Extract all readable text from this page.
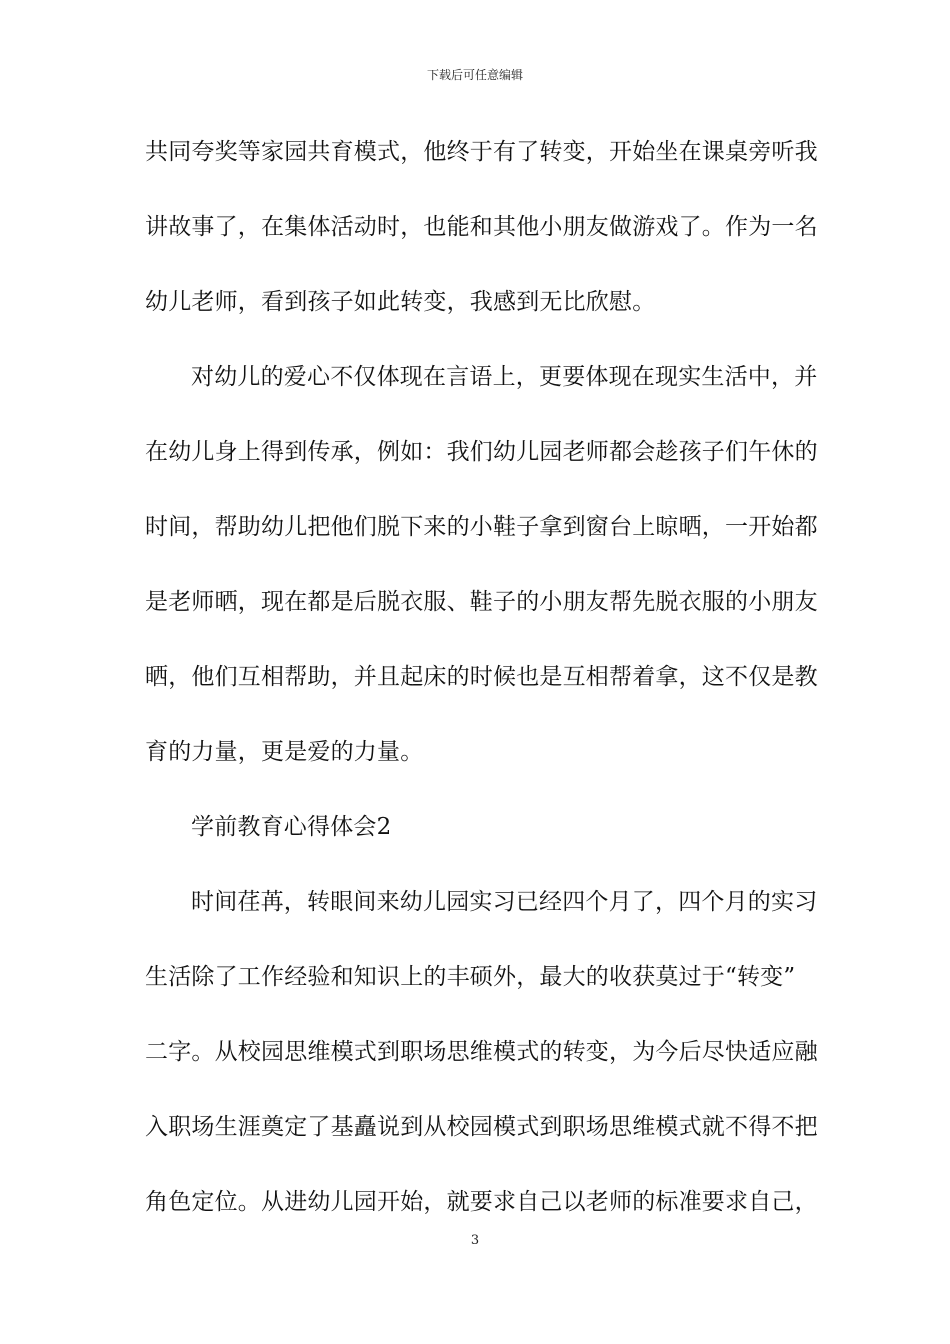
下载后可任意编辑
共同夸奖等家园共育模式，他终于有了转变，开始坐在课桌旁听我
讲故事了，在集体活动时，也能和其他小朋友做游戏了。作为一名
幼儿老师，看到孩子如此转变，我感到无比欣慰。
对幼儿的爱心不仅体现在言语上，更要体现在现实生活中，并
在幼儿身上得到传承，例如：我们幼儿园老师都会趁孩子们午休的
时间，帮助幼儿把他们脱下来的小鞋子拿到窗台上晾晒，一开始都
是老师晒，现在都是后脱衣服、鞋子的小朋友帮先脱衣服的小朋友
晒，他们互相帮助，并且起床的时候也是互相帮着拿，这不仅是教
育的力量，更是爱的力量。
学前教育心得体会2
时间荏苒，转眼间来幼儿园实习已经四个月了，四个月的实习
生活除了工作经验和知识上的丰硕外，最大的收获莫过于“转变”
二字。从校园思维模式到职场思维模式的转变，为今后尽快适应融
入职场生涯奠定了基矗说到从校园模式到职场思维模式就不得不把
角色定位。从进幼儿园开始，就要求自己以老师的标准要求自己，
3
